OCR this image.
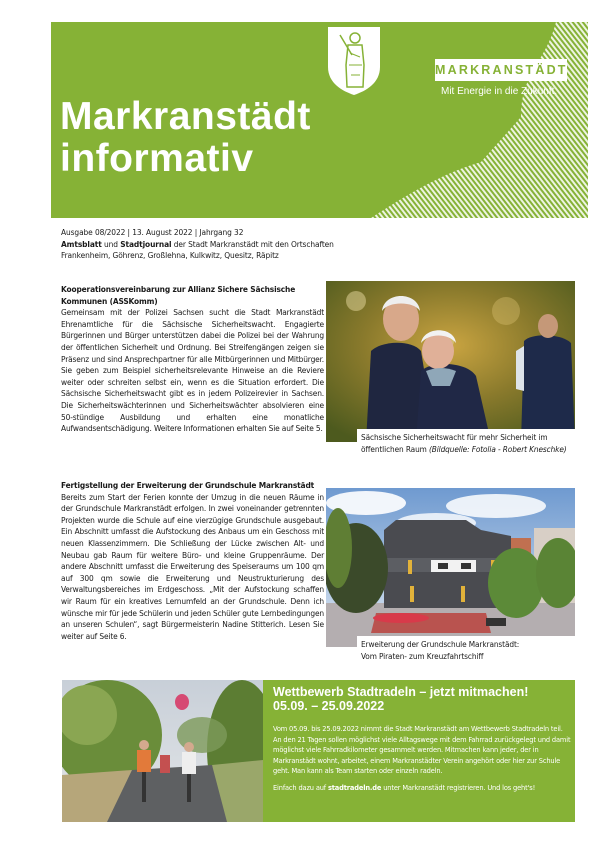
MARKRANSTÄDT
Mit Energie in die Zukunft.
Markranstädt
informativ
Ausgabe 08/2022 | 13. August 2022 | Jahrgang 32
Amtsblatt und Stadtjournal der Stadt Markranstädt mit den Ortschaften
Frankenheim, Göhrenz, Großlehna, Kulkwitz, Quesitz, Räpitz
Kooperationsvereinbarung zur Allianz Sichere Sächsische Kommunen (ASSKomm)

Gemeinsam mit der Polizei Sachsen sucht die Stadt Markranstädt Ehrenamtliche für die Sächsische Sicherheitswacht. Engagierte Bürgerinnen und Bürger unterstützen dabei die Polizei bei der Wahrung der öffentlichen Sicherheit und Ordnung. Bei Streifengängen zeigen sie Präsenz und sind Ansprechpartner für alle Mitbürgerinnen und Mitbürger. Sie geben zum Beispiel sicherheitsrelevante Hinweise an die Reviere weiter oder schreiten selbst ein, wenn es die Situation erfordert. Die Sächsische Sicherheitswacht gibt es in jedem Polizeirevier in Sachsen. Die Sicherheitswächterinnen und Sicherheitswächter absolvieren eine 50-stündige Ausbildung und erhalten eine monatliche Aufwandsentschädigung. Weitere Informationen erhalten Sie auf Seite 5.

Sächsische Sicherheitswacht für mehr Sicherheit im öffentlichen Raum (Bildquelle: Fotolia - Robert Kneschke)
Fertigstellung der Erweiterung der Grundschule Markranstädt

Bereits zum Start der Ferien konnte der Umzug in die neuen Räume in der Grundschule Markranstädt erfolgen. In zwei voneinander getrennten Projekten wurde die Schule auf eine vierzügige Grundschule ausgebaut. Ein Abschnitt umfasst die Aufstockung des Anbaus um ein Geschoss mit neuen Klassenzimmern. Die Schließung der Lücke zwischen Alt- und Neubau gab Raum für weitere Büro- und kleine Gruppenräume. Der andere Abschnitt umfasst die Erweiterung des Speiseraums um 100 qm auf 300 qm sowie die Erweiterung und Neustrukturierung des Verwaltungsbereiches im Erdgeschoss. „Mit der Aufstockung schaffen wir Raum für ein kreatives Lernumfeld an der Grundschule. Denn ich wünsche mir für jede Schülerin und jeden Schüler gute Lernbedingungen an unseren Schulen“, sagt Bürgermeisterin Nadine Stitterich. Lesen Sie weiter auf Seite 6.

Erweiterung der Grundschule Markranstädt:
Vom Piraten- zum Kreuzfahrtschiff
Wettbewerb Stadtradeln – jetzt mitmachen!
05.09. – 25.09.2022

Vom 05.09. bis 25.09.2022 nimmt die Stadt Markranstädt am Wettbewerb Stadtradeln teil. An den 21 Tagen sollen möglichst viele Alltagswege mit dem Fahrrad zurückgelegt und damit möglichst viele Fahrradkilometer gesammelt werden. Mitmachen kann jeder, der in Markranstädt wohnt, arbeitet, einem Markranstädter Verein angehört oder hier zur Schule geht. Man kann als Team starten oder einzeln radeln.

Einfach dazu auf stadtradeln.de unter Markranstädt registrieren. Und los geht's!
